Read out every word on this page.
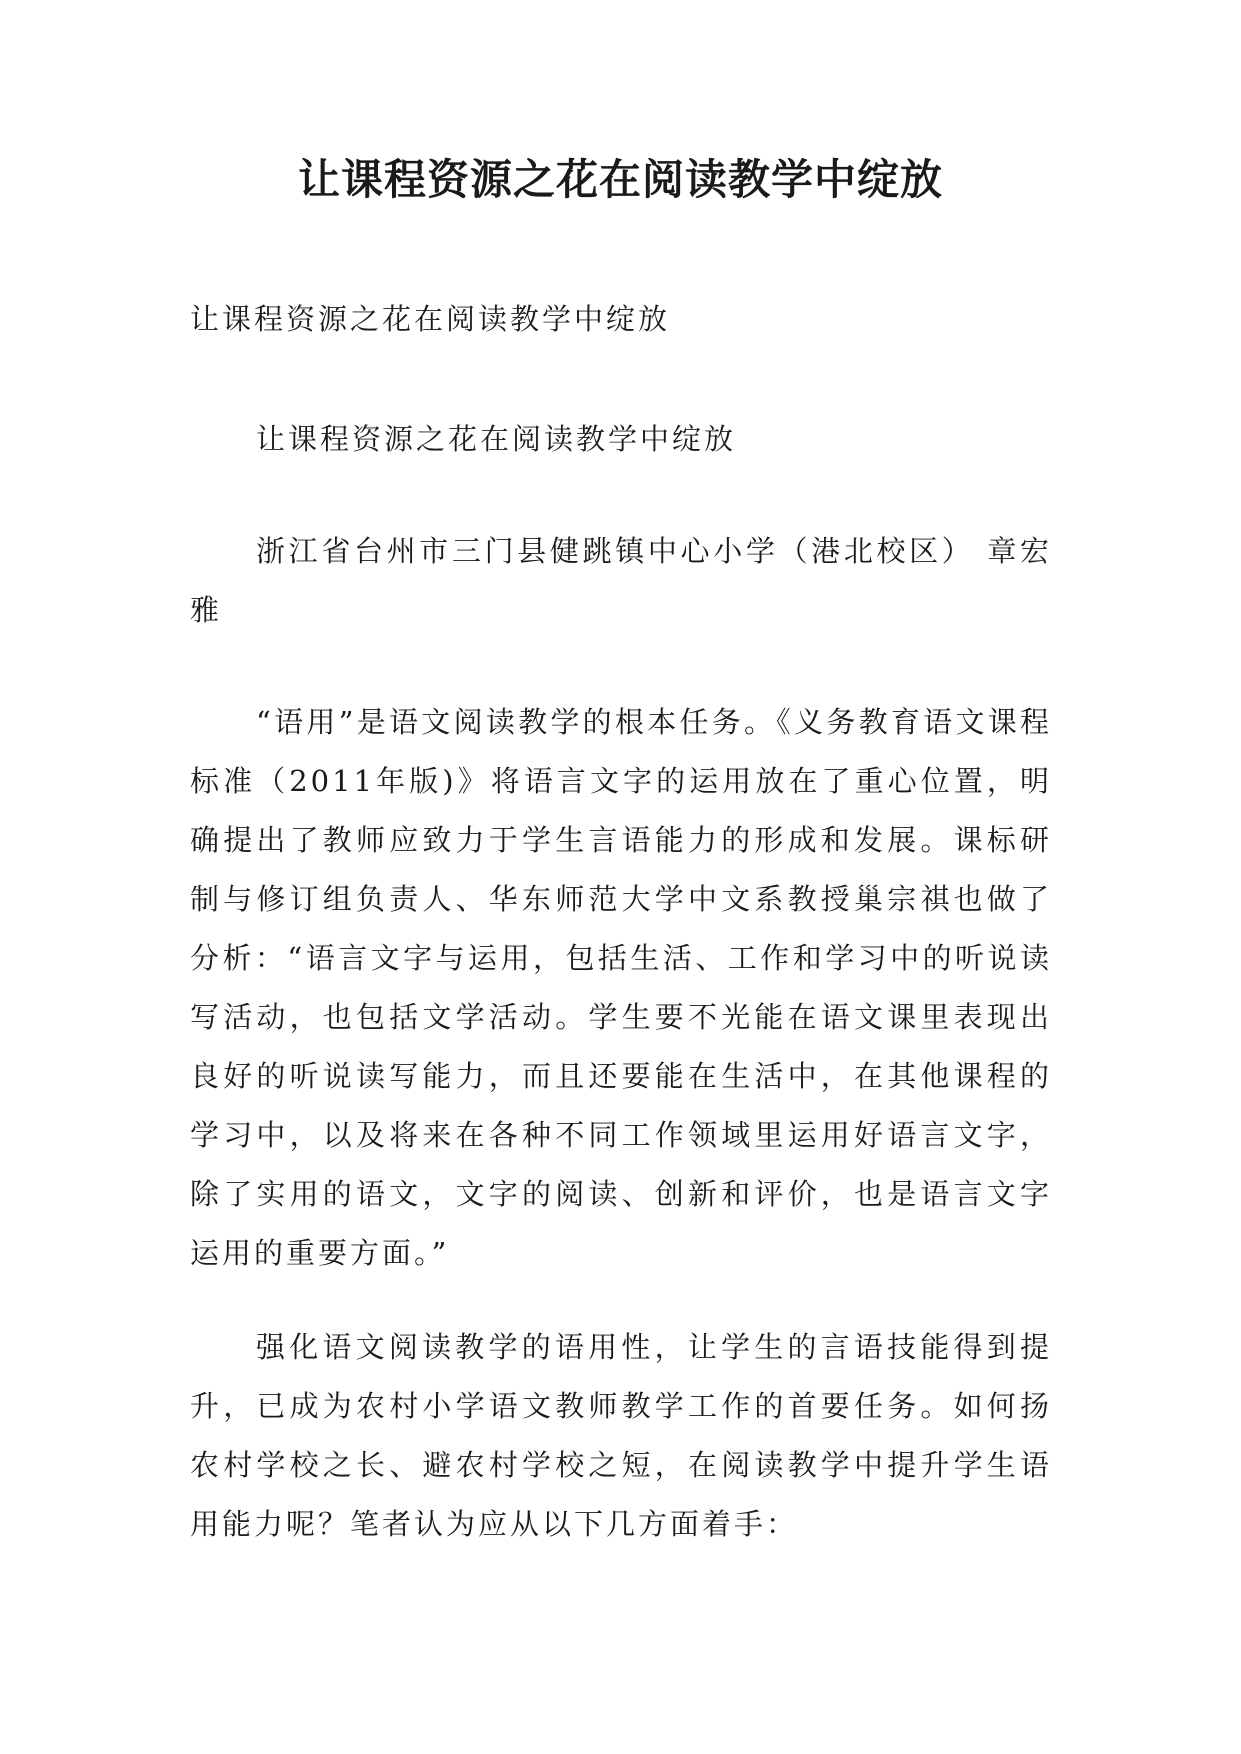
让课程资源之花在阅读教学中绽放

让课程资源之花在阅读教学中绽放

让课程资源之花在阅读教学中绽放

浙江省台州市三门县健跳镇中心小学（港北校区） 章宏雅

“语用”是语文阅读教学的根本任务。《义务教育语文课程标准（2011年版)》将语言文字的运用放在了重心位置，明确提出了教师应致力于学生言语能力的形成和发展。课标研制与修订组负责人、华东师范大学中文系教授巢宗祺也做了分析：“语言文字与运用，包括生活、工作和学习中的听说读写活动，也包括文学活动。学生要不光能在语文课里表现出良好的听说读写能力，而且还要能在生活中，在其他课程的学习中，以及将来在各种不同工作领域里运用好语言文字，除了实用的语文，文字的阅读、创新和评价，也是语言文字运用的重要方面。”

强化语文阅读教学的语用性，让学生的言语技能得到提升，已成为农村小学语文教师教学工作的首要任务。如何扬农村学校之长、避农村学校之短，在阅读教学中提升学生语用能力呢？笔者认为应从以下几方面着手：
